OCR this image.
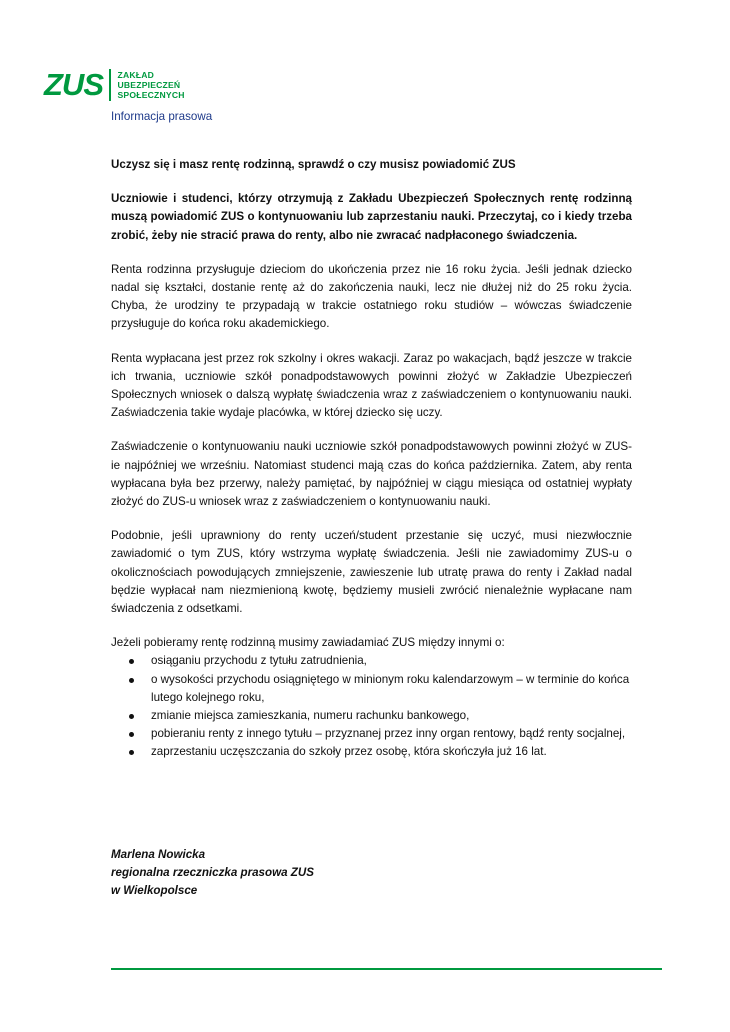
ZUS ZAKŁAD
UBEZPIECZEŃ
SPOŁECZNYCH
Informacja prasowa

Uczysz się i masz rentę rodzinną, sprawdź o czy musisz powiadomić ZUS

Uczniowie i studenci, którzy otrzymują z Zakładu Ubezpieczeń Społecznych rentę rodzinną muszą powiadomić ZUS o kontynuowaniu lub zaprzestaniu nauki. Przeczytaj, co i kiedy trzeba zrobić, żeby nie stracić prawa do renty, albo nie zwracać nadpłaconego świadczenia.

Renta rodzinna przysługuje dzieciom do ukończenia przez nie 16 roku życia. Jeśli jednak dziecko nadal się kształci, dostanie rentę aż do zakończenia nauki, lecz nie dłużej niż do 25 roku życia. Chyba, że urodziny te przypadają w trakcie ostatniego roku studiów – wówczas świadczenie przysługuje do końca roku akademickiego.

Renta wypłacana jest przez rok szkolny i okres wakacji. Zaraz po wakacjach, bądź jeszcze w trakcie ich trwania, uczniowie szkół ponadpodstawowych powinni złożyć w Zakładzie Ubezpieczeń Społecznych wniosek o dalszą wypłatę świadczenia wraz z zaświadczeniem o kontynuowaniu nauki. Zaświadczenia takie wydaje placówka, w której dziecko się uczy.

Zaświadczenie o kontynuowaniu nauki uczniowie szkół ponadpodstawowych powinni złożyć w ZUS-ie najpóźniej we wrześniu. Natomiast studenci mają czas do końca października. Zatem, aby renta wypłacana była bez przerwy, należy pamiętać, by najpóźniej w ciągu miesiąca od ostatniej wypłaty złożyć do ZUS-u wniosek wraz z zaświadczeniem o kontynuowaniu nauki.

Podobnie, jeśli uprawniony do renty uczeń/student przestanie się uczyć, musi niezwłocznie zawiadomić o tym ZUS, który wstrzyma wypłatę świadczenia. Jeśli nie zawiadomimy ZUS-u o okolicznościach powodujących zmniejszenie, zawieszenie lub utratę prawa do renty i Zakład nadal będzie wypłacał nam niezmienioną kwotę, będziemy musieli zwrócić nienależnie wypłacane nam świadczenia z odsetkami.

Jeżeli pobieramy rentę rodzinną musimy zawiadamiać ZUS między innymi o:

osiąganiu przychodu z tytułu zatrudnienia,
o wysokości przychodu osiągniętego w minionym roku kalendarzowym – w terminie do końca lutego kolejnego roku,
zmianie miejsca zamieszkania, numeru rachunku bankowego,
pobieraniu renty z innego tytułu – przyznanej przez inny organ rentowy, bądź renty socjalnej,
zaprzestaniu uczęszczania do szkoły przez osobę, która skończyła już 16 lat.
Marlena Nowicka
regionalna rzeczniczka prasowa ZUS
w Wielkopolsce
